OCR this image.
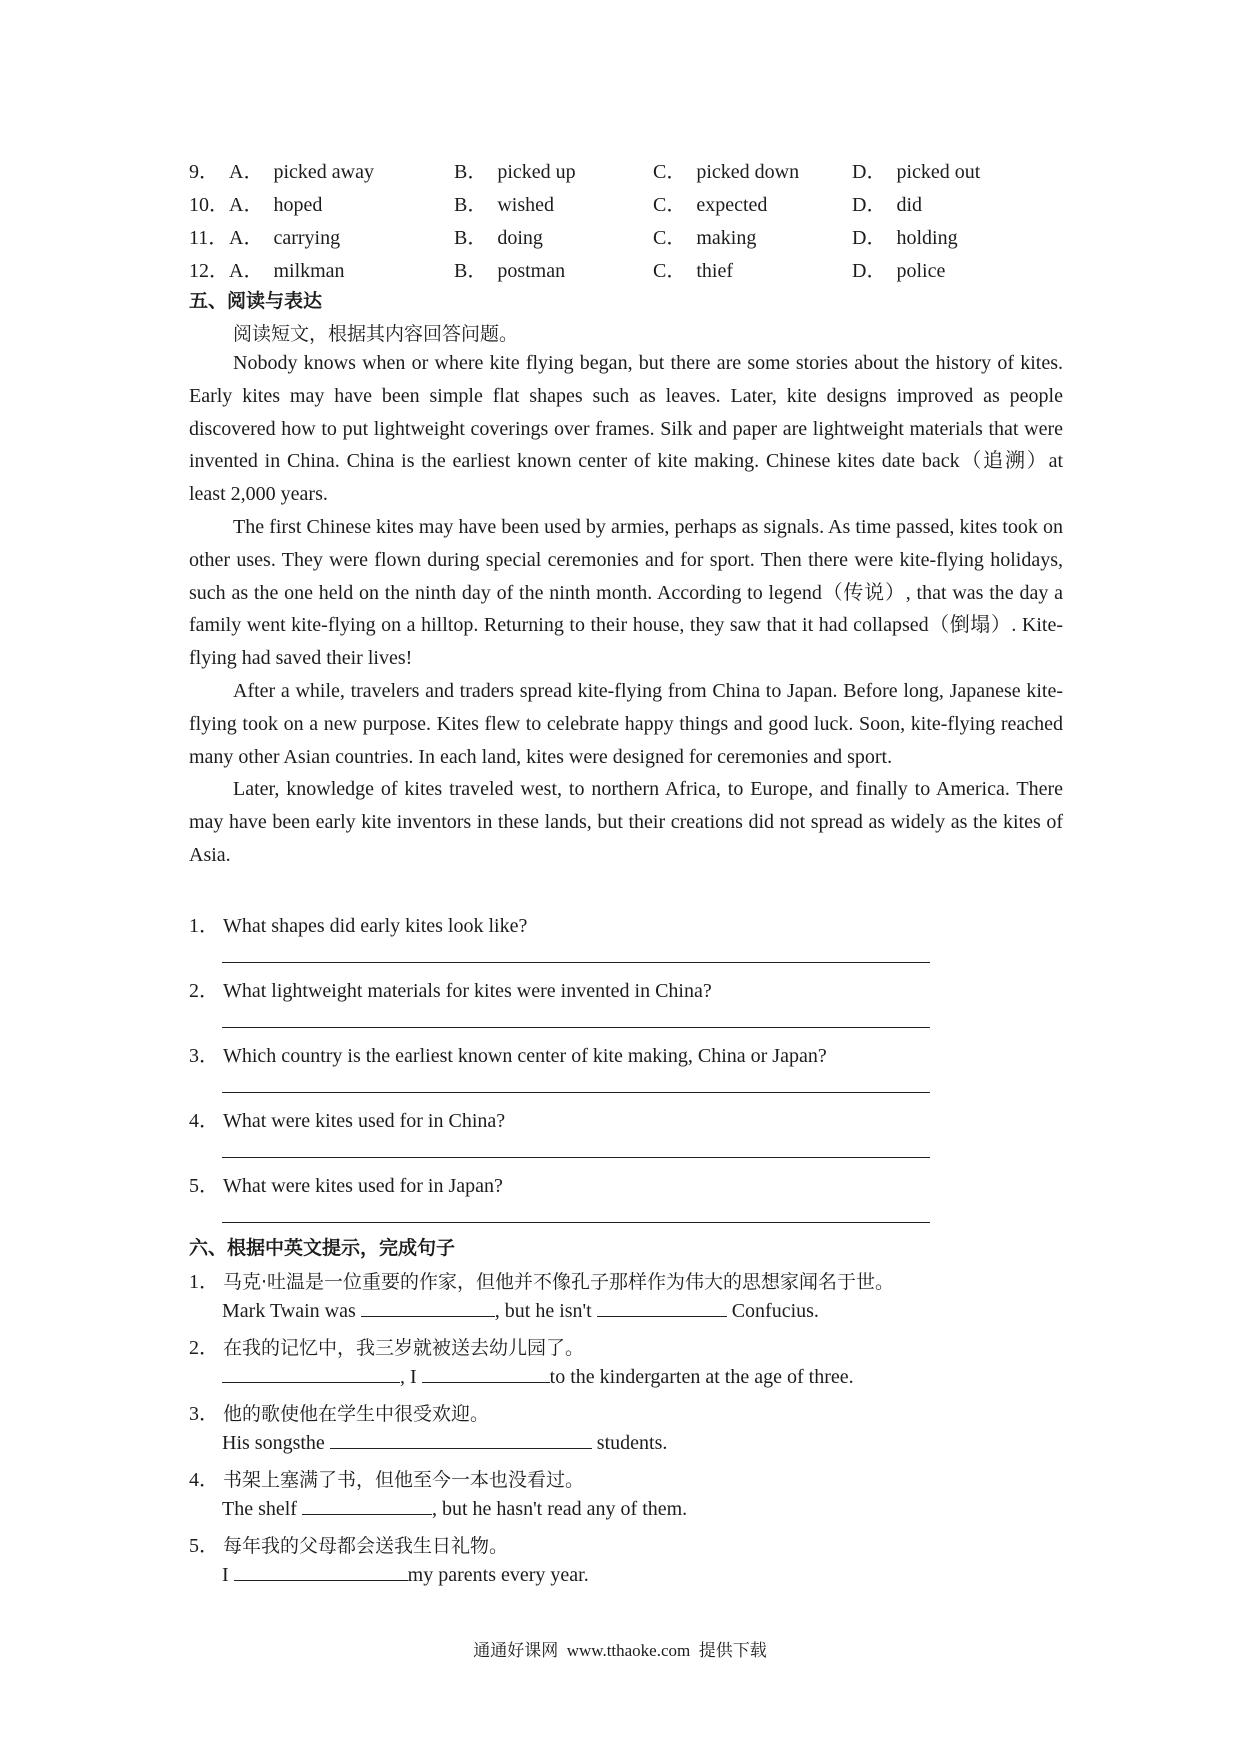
9． A． picked away	B． picked up	C． picked down	D． picked out
10． A． hoped	B． wished	C． expected	D． did
11． A． carrying	B． doing	C． making	D． holding
12． A． milkman	B． postman	C． thief	D． police
五、阅读与表达
阅读短文，根据其内容回答问题。

Nobody knows when or where kite flying began, but there are some stories about the history of kites. Early kites may have been simple flat shapes such as leaves. Later, kite designs improved as people discovered how to put lightweight coverings over frames. Silk and paper are lightweight materials that were invented in China. China is the earliest known center of kite making. Chinese kites date back（追溯）at least 2,000 years.

The first Chinese kites may have been used by armies, perhaps as signals. As time passed, kites took on other uses. They were flown during special ceremonies and for sport. Then there were kite-flying holidays, such as the one held on the ninth day of the ninth month. According to legend（传说）, that was the day a family went kite-flying on a hilltop. Returning to their house, they saw that it had collapsed（倒塌）. Kite-flying had saved their lives!

After a while, travelers and traders spread kite-flying from China to Japan. Before long, Japanese kite-flying took on a new purpose. Kites flew to celebrate happy things and good luck. Soon, kite-flying reached many other Asian countries. In each land, kites were designed for ceremonies and sport.

Later, knowledge of kites traveled west, to northern Africa, to Europe, and finally to America. There may have been early kite inventors in these lands, but their creations did not spread as widely as the kites of Asia.

1． What shapes did early kites look like?
2． What lightweight materials for kites were invented in China?
3． Which country is the earliest known center of kite making, China or Japan?
4． What were kites used for in China?
5． What were kites used for in Japan?
六、根据中英文提示，完成句子
1． 马克·吐温是一位重要的作家，但他并不像孔子那样作为伟大的思想家闻名于世。
Mark Twain was	, but he isn't	Confucius.
2． 在我的记忆中，我三岁就被送去幼儿园了。
, I	to the kindergarten at the age of three.
3． 他的歌使他在学生中很受欢迎。
His songsthe	students.
4． 书架上塞满了书，但他至今一本也没看过。
The shelf	, but he hasn't read any of them.
5． 每年我的父母都会送我生日礼物。
I	my parents every year.
通通好课网 www.tthaoke.com 提供下载
